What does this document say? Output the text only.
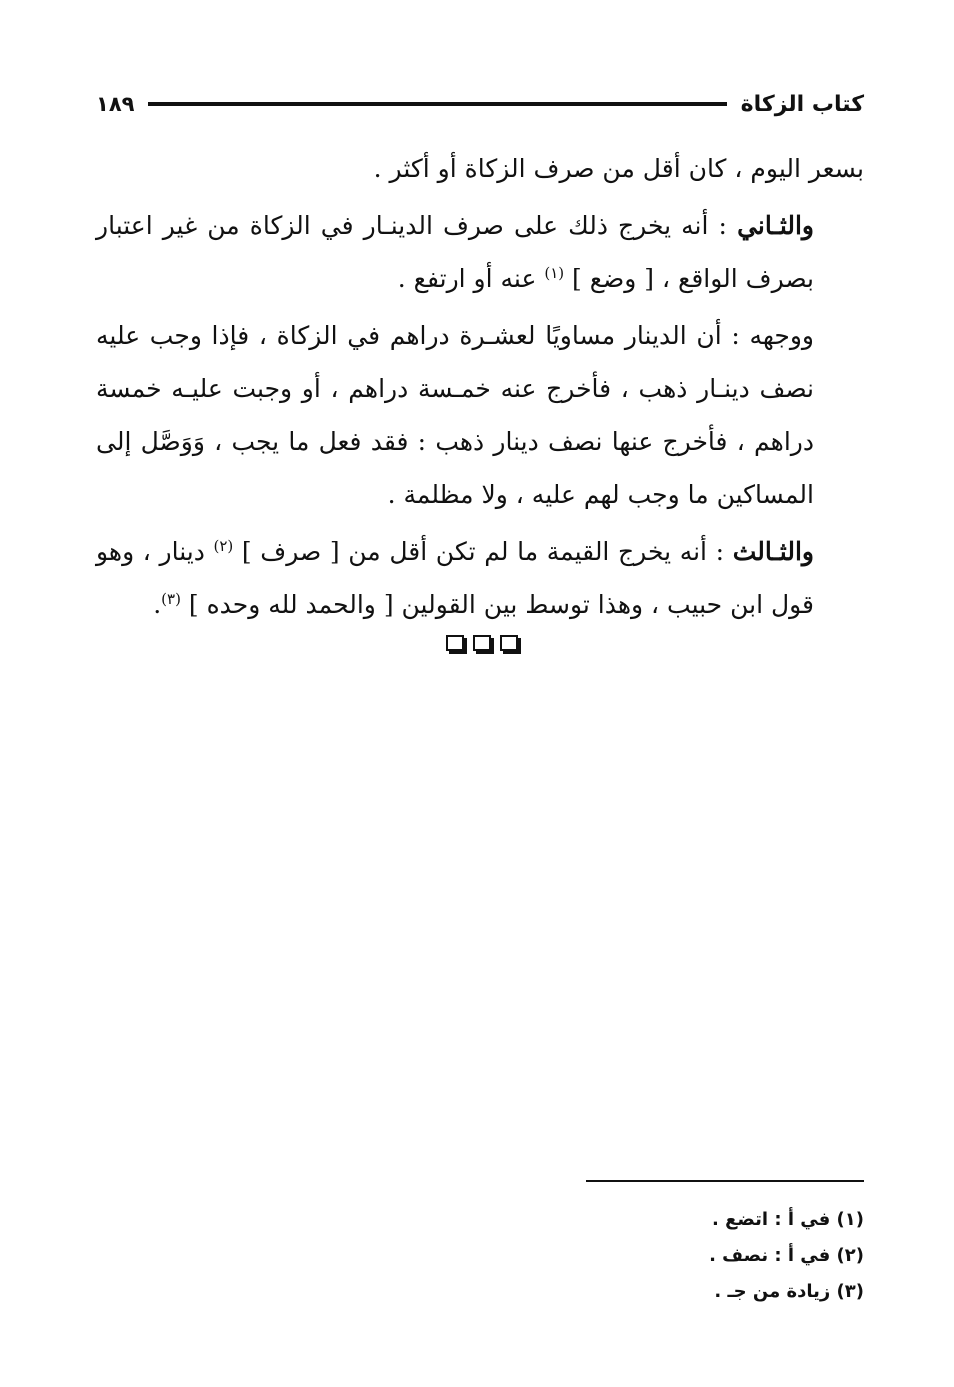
كتاب الزكاة
١٨٩

بسعر اليوم ، كان أقل من صرف الزكاة أو أكثر .

والثـاني : أنه يخرج ذلك على صرف الدينـار في الزكاة من غير اعتبار بصرف الواقع ، [ وضع ] $^{(١)}$ عنه أو ارتفع .

ووجهه : أن الدينار مساويًا لعشـرة دراهم في الزكاة ، فإذا وجب عليه نصف دينـار ذهب ، فأخرج عنه خمـسة دراهم ، أو وجبت عليـه خمسة دراهم ، فأخرج عنها نصف دينار ذهب : فقد فعل ما يجب ، وَوَصَّل إلى المساكين ما وجب لهم عليه ، ولا مظلمة .

والثـالث : أنه يخرج القيمة ما لم تكن أقل من [ صرف ] $^{(٢)}$ دينار ، وهو قول ابن حبيب ، وهذا توسط بين القولين [ والحمد لله وحده ] $^{(٣)}$.

(١) في أ : اتضع .

(٢) في أ : نصف .

(٣) زيادة من جـ .
